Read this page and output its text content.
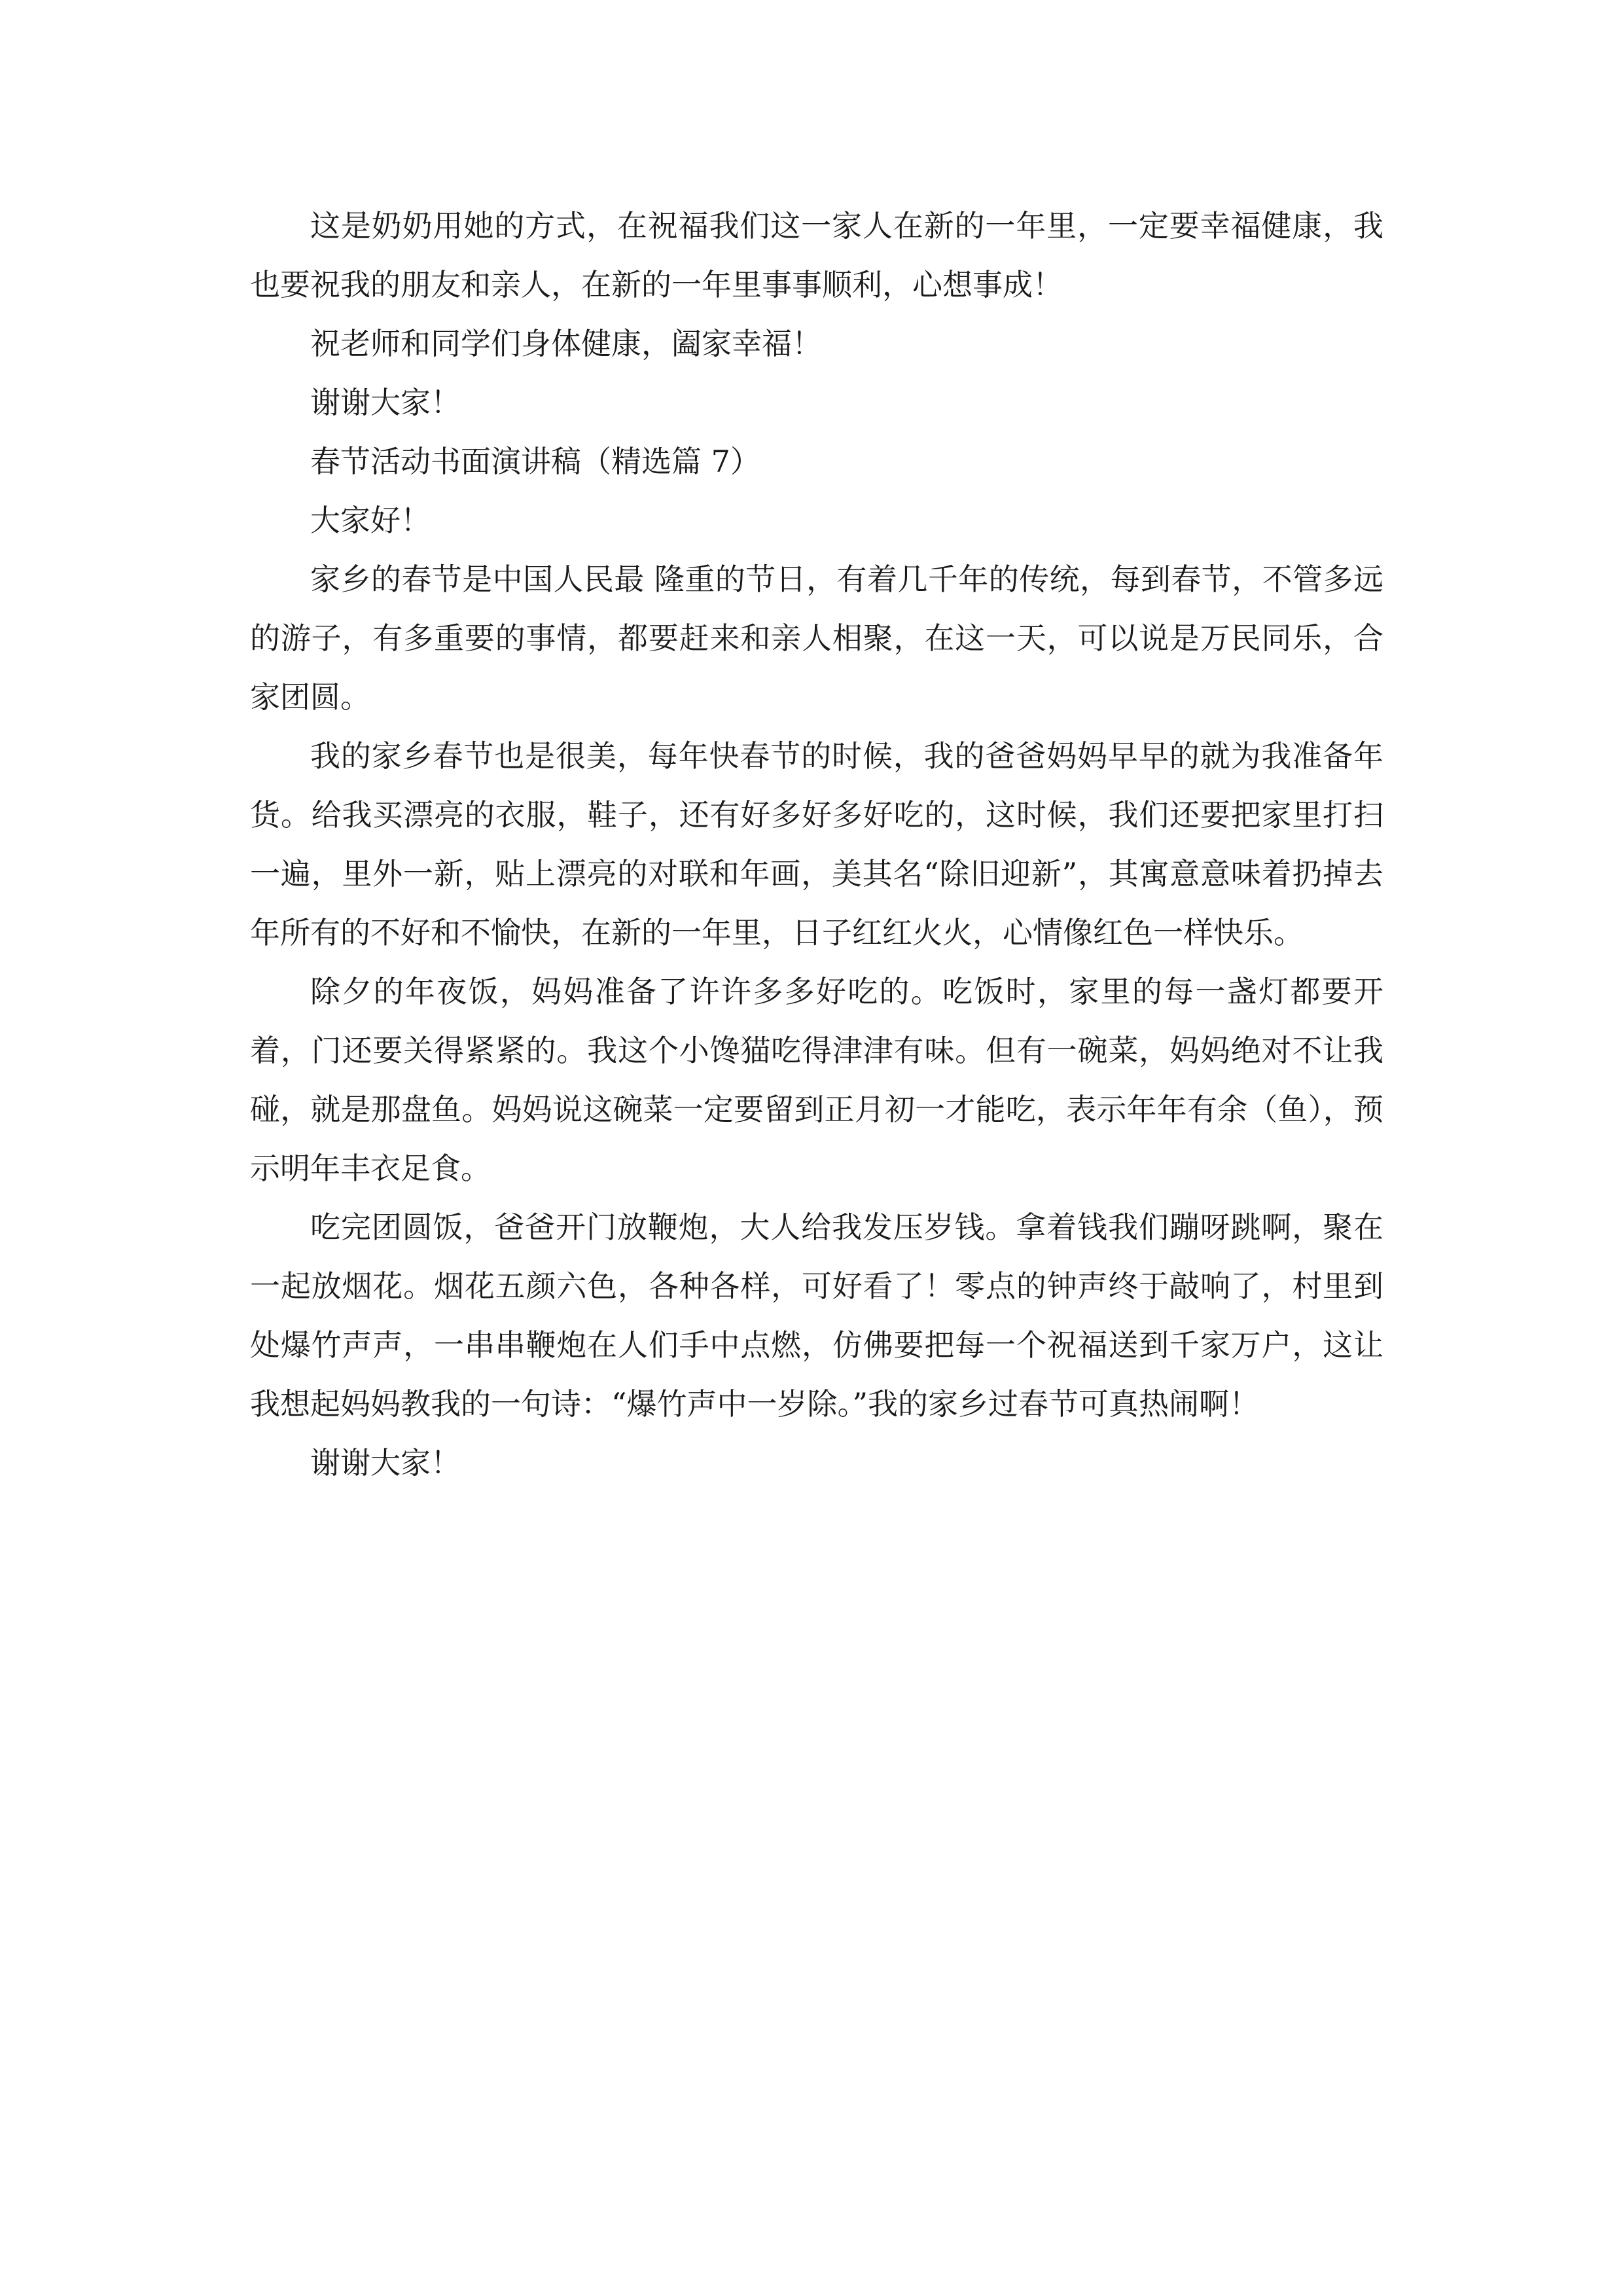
这是奶奶用她的方式，在祝福我们这一家人在新的一年里，一定要幸福健康，我也要祝我的朋友和亲人，在新的一年里事事顺利，心想事成！

祝老师和同学们身体健康，阖家幸福！

谢谢大家！

春节活动书面演讲稿（精选篇 7）

大家好！

家乡的春节是中国人民最 隆重的节日，有着几千年的传统，每到春节，不管多远的游子，有多重要的事情，都要赶来和亲人相聚，在这一天，可以说是万民同乐，合家团圆。

我的家乡春节也是很美，每年快春节的时候，我的爸爸妈妈早早的就为我准备年货。给我买漂亮的衣服，鞋子，还有好多好多好吃的，这时候，我们还要把家里打扫一遍，里外一新，贴上漂亮的对联和年画，美其名“除旧迎新”，其寓意意味着扔掉去年所有的不好和不愉快，在新的一年里，日子红红火火，心情像红色一样快乐。

除夕的年夜饭，妈妈准备了许许多多好吃的。吃饭时，家里的每一盏灯都要开着，门还要关得紧紧的。我这个小馋猫吃得津津有味。但有一碗菜，妈妈绝对不让我碰，就是那盘鱼。妈妈说这碗菜一定要留到正月初一才能吃，表示年年有余（鱼），预示明年丰衣足食。

吃完团圆饭，爸爸开门放鞭炮，大人给我发压岁钱。拿着钱我们蹦呀跳啊，聚在一起放烟花。烟花五颜六色，各种各样，可好看了！零点的钟声终于敲响了，村里到处爆竹声声，一串串鞭炮在人们手中点燃，仿佛要把每一个祝福送到千家万户，这让我想起妈妈教我的一句诗：“爆竹声中一岁除。”我的家乡过春节可真热闹啊！

谢谢大家！
